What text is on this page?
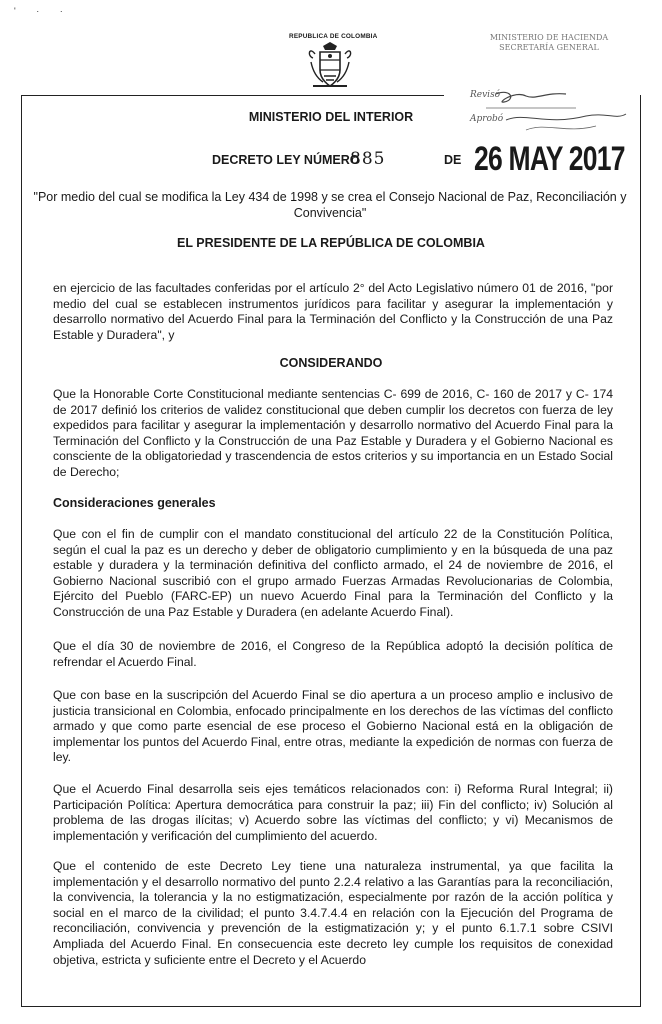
' · ·
REPUBLICA DE COLOMBIA	MINISTERIO DE HACIENDA
SECRETARÍA GENERAL
Revisó
Aprobó
MINISTERIO DEL INTERIOR
DECRETO LEY NÚMERO
885	DE 26 MAY 2017
"Por medio del cual se modifica la Ley 434 de 1998 y se crea el Consejo Nacional de Paz, Reconciliación y Convivencia"
EL PRESIDENTE DE LA REPÚBLICA DE COLOMBIA

en ejercicio de las facultades conferidas por el artículo 2° del Acto Legislativo número 01 de 2016, "por medio del cual se establecen instrumentos jurídicos para facilitar y asegurar la implementación y desarrollo normativo del Acuerdo Final para la Terminación del Conflicto y la Construcción de una Paz Estable y Duradera", y

CONSIDERANDO

Que la Honorable Corte Constitucional mediante sentencias C- 699 de 2016, C- 160 de 2017 y C- 174 de 2017 definió los criterios de validez constitucional que deben cumplir los decretos con fuerza de ley expedidos para facilitar y asegurar la implementación y desarrollo normativo del Acuerdo Final para la Terminación del Conflicto y la Construcción de una Paz Estable y Duradera y el Gobierno Nacional es consciente de la obligatoriedad y trascendencia de estos criterios y su importancia en un Estado Social de Derecho;

Consideraciones generales

Que con el fin de cumplir con el mandato constitucional del artículo 22 de la Constitución Política, según el cual la paz es un derecho y deber de obligatorio cumplimiento y en la búsqueda de una paz estable y duradera y la terminación definitiva del conflicto armado, el 24 de noviembre de 2016, el Gobierno Nacional suscribió con el grupo armado Fuerzas Armadas Revolucionarias de Colombia, Ejército del Pueblo (FARC-EP) un nuevo Acuerdo Final para la Terminación del Conflicto y la Construcción de una Paz Estable y Duradera (en adelante Acuerdo Final).

Que el día 30 de noviembre de 2016, el Congreso de la República adoptó la decisión política de refrendar el Acuerdo Final.

Que con base en la suscripción del Acuerdo Final se dio apertura a un proceso amplio e inclusivo de justicia transicional en Colombia, enfocado principalmente en los derechos de las víctimas del conflicto armado y que como parte esencial de ese proceso el Gobierno Nacional está en la obligación de implementar los puntos del Acuerdo Final, entre otras, mediante la expedición de normas con fuerza de ley.

Que el Acuerdo Final desarrolla seis ejes temáticos relacionados con: i) Reforma Rural Integral; ii) Participación Política: Apertura democrática para construir la paz; iii) Fin del conflicto; iv) Solución al problema de las drogas ilícitas; v) Acuerdo sobre las víctimas del conflicto; y vi) Mecanismos de implementación y verificación del cumplimiento del acuerdo.

Que el contenido de este Decreto Ley tiene una naturaleza instrumental, ya que facilita la implementación y el desarrollo normativo del punto 2.2.4 relativo a las Garantías para la reconciliación, la convivencia, la tolerancia y la no estigmatización, especialmente por razón de la acción política y social en el marco de la civilidad; el punto 3.4.7.4.4 en relación con la Ejecución del Programa de reconciliación, convivencia y prevención de la estigmatización y; y el punto 6.1.7.1 sobre CSIVI Ampliada del Acuerdo Final. En consecuencia este decreto ley cumple los requisitos de conexidad objetiva, estricta y suficiente entre el Decreto y el Acuerdo
